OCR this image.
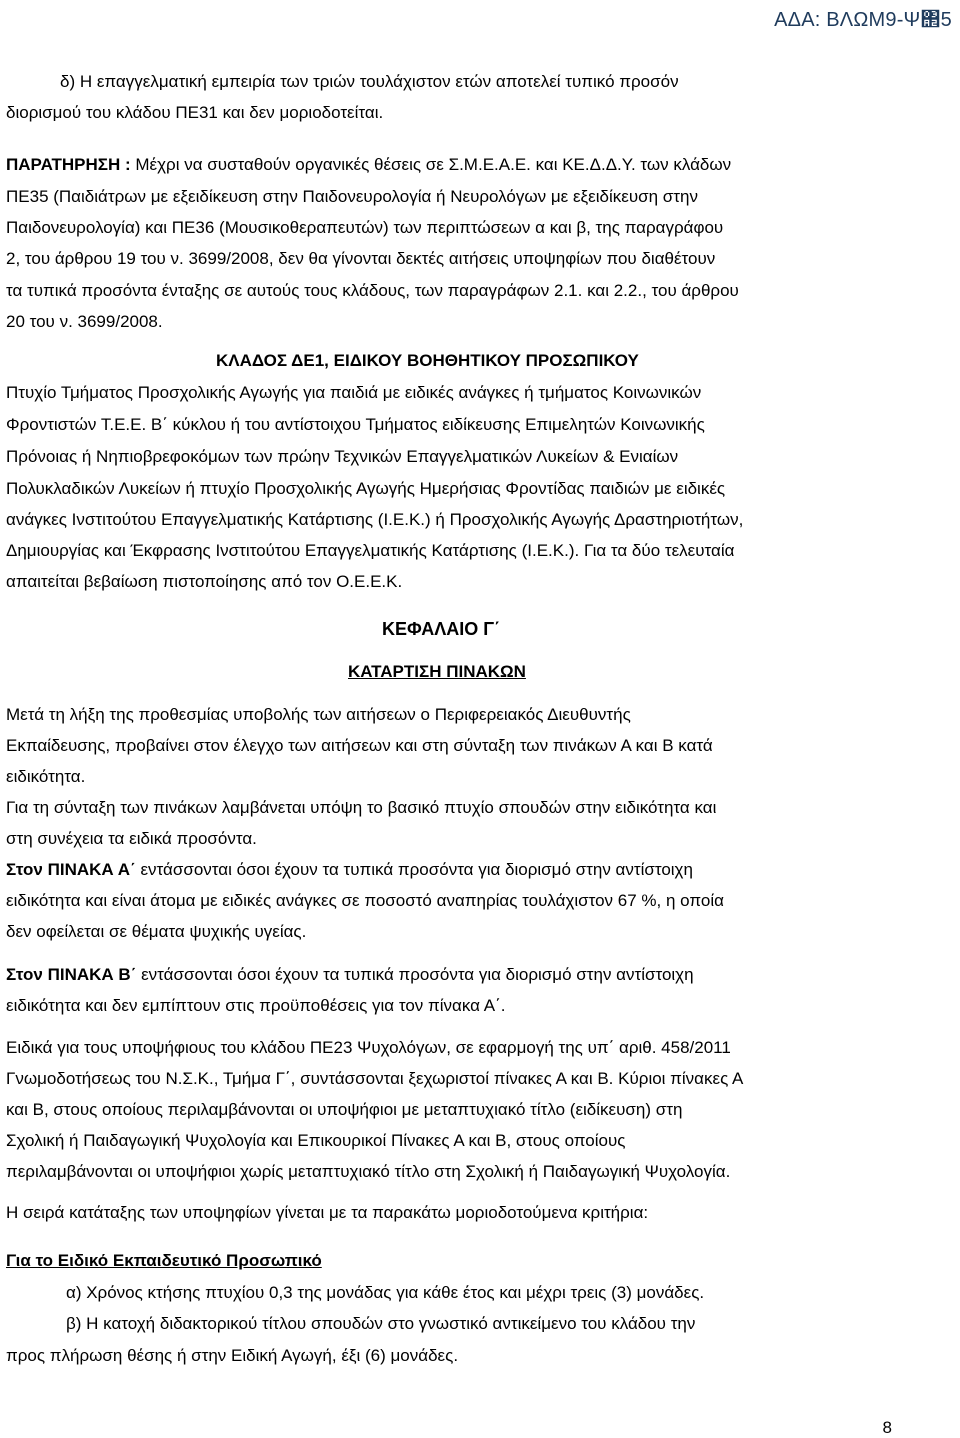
ΑΔΑ: ΒΛΩΜ9-Ψ΢5
δ) Η επαγγελματική εμπειρία των τριών τουλάχιστον ετών αποτελεί τυπικό προσόν
διορισμού του κλάδου ΠΕ31 και δεν μοριοδοτείται.
ΠΑΡΑΤΗΡΗΣΗ : Μέχρι να συσταθούν οργανικές θέσεις σε Σ.Μ.Ε.Α.Ε. και ΚΕ.Δ.Δ.Υ. των κλάδων
ΠΕ35 (Παιδιάτρων με εξειδίκευση στην Παιδονευρολογία ή Νευρολόγων με εξειδίκευση στην
Παιδονευρολογία) και ΠΕ36 (Μουσικοθεραπευτών) των περιπτώσεων α και β, της παραγράφου
2, του άρθρου 19 του ν. 3699/2008, δεν θα γίνονται δεκτές αιτήσεις υποψηφίων που διαθέτουν
τα τυπικά προσόντα ένταξης σε αυτούς τους κλάδους, των παραγράφων 2.1. και 2.2., του άρθρου
20 του ν. 3699/2008.
ΚΛΑΔΟΣ ΔΕ1, ΕΙΔΙΚΟΥ ΒΟΗΘΗΤΙΚΟΥ ΠΡΟΣΩΠΙΚΟΥ
Πτυχίο Τμήματος Προσχολικής Αγωγής για παιδιά με ειδικές ανάγκες ή τμήματος Κοινωνικών
Φροντιστών Τ.Ε.Ε. Β΄ κύκλου ή του αντίστοιχου Τμήματος ειδίκευσης Επιμελητών Κοινωνικής
Πρόνοιας ή Νηπιοβρεφοκόμων των πρώην Τεχνικών Επαγγελματικών Λυκείων & Ενιαίων
Πολυκλαδικών Λυκείων ή πτυχίο Προσχολικής Αγωγής Ημερήσιας Φροντίδας παιδιών με ειδικές
ανάγκες Ινστιτούτου Επαγγελματικής Κατάρτισης (Ι.Ε.Κ.) ή Προσχολικής Αγωγής Δραστηριοτήτων,
Δημιουργίας και Έκφρασης Ινστιτούτου Επαγγελματικής Κατάρτισης (Ι.Ε.Κ.). Για τα δύο τελευταία
απαιτείται βεβαίωση πιστοποίησης από τον Ο.Ε.Ε.Κ.
ΚΕΦΑΛΑΙΟ Γ΄
ΚΑΤΑΡΤΙΣΗ ΠΙΝΑΚΩΝ
Μετά τη λήξη της προθεσμίας υποβολής των αιτήσεων ο Περιφερειακός Διευθυντής
Εκπαίδευσης, προβαίνει στον έλεγχο των αιτήσεων και στη σύνταξη των πινάκων Α και Β κατά
ειδικότητα.
Για τη σύνταξη των πινάκων λαμβάνεται υπόψη το βασικό πτυχίο σπουδών στην ειδικότητα και
στη συνέχεια τα ειδικά προσόντα.
Στον ΠΙΝΑΚΑ Α΄ εντάσσονται όσοι έχουν τα τυπικά προσόντα για διορισμό στην αντίστοιχη
ειδικότητα και είναι άτομα με ειδικές ανάγκες σε ποσοστό αναπηρίας τουλάχιστον 67 %, η οποία
δεν οφείλεται σε θέματα ψυχικής υγείας.
Στον ΠΙΝΑΚΑ Β΄ εντάσσονται όσοι έχουν τα τυπικά προσόντα για διορισμό στην αντίστοιχη
ειδικότητα και δεν εμπίπτουν στις προϋποθέσεις για τον πίνακα Α΄.
Ειδικά για τους υποψήφιους του κλάδου ΠΕ23 Ψυχολόγων, σε εφαρμογή της υπ΄ αριθ. 458/2011
Γνωμοδοτήσεως του Ν.Σ.Κ., Τμήμα Γ΄, συντάσσονται ξεχωριστοί πίνακες Α και Β. Κύριοι πίνακες Α
και Β, στους οποίους περιλαμβάνονται οι υποψήφιοι με μεταπτυχιακό τίτλο (ειδίκευση) στη
Σχολική ή Παιδαγωγική Ψυχολογία και Επικουρικοί Πίνακες Α και Β, στους οποίους
περιλαμβάνονται οι υποψήφιοι χωρίς μεταπτυχιακό τίτλο στη Σχολική ή Παιδαγωγική Ψυχολογία.
Η σειρά κατάταξης των υποψηφίων γίνεται με τα παρακάτω μοριοδοτούμενα κριτήρια:
Για το Ειδικό Εκπαιδευτικό Προσωπικό
α) Χρόνος κτήσης πτυχίου 0,3 της μονάδας για κάθε έτος και μέχρι τρεις (3) μονάδες.
β) Η κατοχή διδακτορικού τίτλου σπουδών στο γνωστικό αντικείμενο του κλάδου την
προς πλήρωση θέσης ή στην Ειδική Αγωγή, έξι (6) μονάδες.
8
